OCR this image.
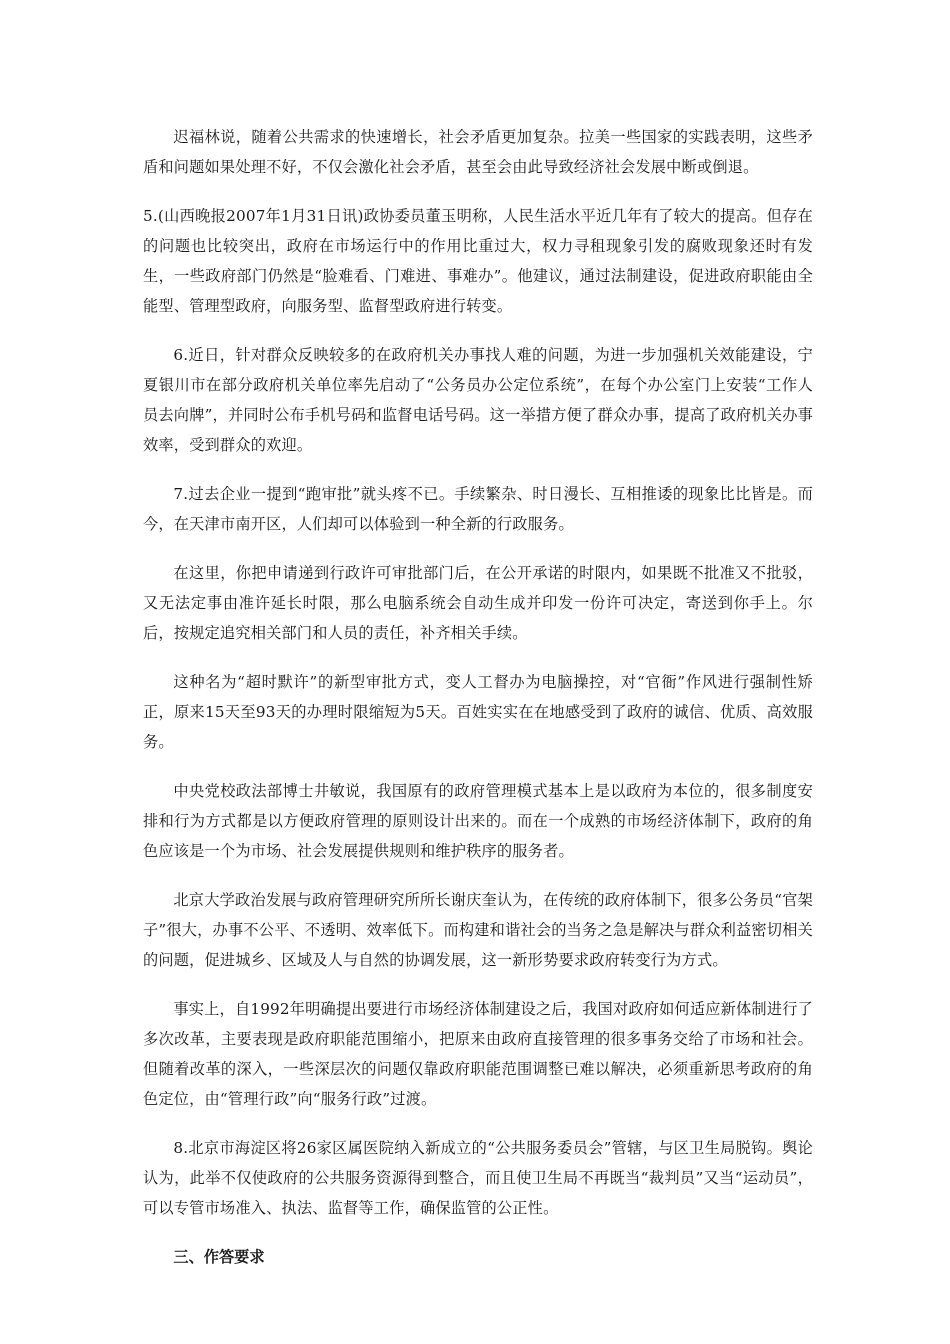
迟福林说，随着公共需求的快速增长，社会矛盾更加复杂。拉美一些国家的实践表明，这些矛盾和问题如果处理不好，不仅会激化社会矛盾，甚至会由此导致经济社会发展中断或倒退。

5.(山西晚报2007年1月31日讯)政协委员董玉明称，人民生活水平近几年有了较大的提高。但存在的问题也比较突出，政府在市场运行中的作用比重过大，权力寻租现象引发的腐败现象还时有发生，一些政府部门仍然是“脸难看、门难进、事难办”。他建议，通过法制建设，促进政府职能由全能型、管理型政府，向服务型、监督型政府进行转变。

6.近日，针对群众反映较多的在政府机关办事找人难的问题，为进一步加强机关效能建设，宁夏银川市在部分政府机关单位率先启动了“公务员办公定位系统”，在每个办公室门上安装“工作人员去向牌”，并同时公布手机号码和监督电话号码。这一举措方便了群众办事，提高了政府机关办事效率，受到群众的欢迎。

7.过去企业一提到“跑审批”就头疼不已。手续繁杂、时日漫长、互相推诿的现象比比皆是。而今，在天津市南开区，人们却可以体验到一种全新的行政服务。

在这里，你把申请递到行政许可审批部门后，在公开承诺的时限内，如果既不批准又不批驳，又无法定事由准许延长时限，那么电脑系统会自动生成并印发一份许可决定，寄送到你手上。尔后，按规定追究相关部门和人员的责任，补齐相关手续。

这种名为“超时默许”的新型审批方式，变人工督办为电脑操控，对“官衙”作风进行强制性矫正，原来15天至93天的办理时限缩短为5天。百姓实实在在地感受到了政府的诚信、优质、高效服务。

中央党校政法部博士井敏说，我国原有的政府管理模式基本上是以政府为本位的，很多制度安排和行为方式都是以方便政府管理的原则设计出来的。而在一个成熟的市场经济体制下，政府的角色应该是一个为市场、社会发展提供规则和维护秩序的服务者。

北京大学政治发展与政府管理研究所所长谢庆奎认为，在传统的政府体制下，很多公务员“官架子”很大，办事不公平、不透明、效率低下。而构建和谐社会的当务之急是解决与群众利益密切相关的问题，促进城乡、区域及人与自然的协调发展，这一新形势要求政府转变行为方式。

事实上，自1992年明确提出要进行市场经济体制建设之后，我国对政府如何适应新体制进行了多次改革，主要表现是政府职能范围缩小，把原来由政府直接管理的很多事务交给了市场和社会。但随着改革的深入，一些深层次的问题仅靠政府职能范围调整已难以解决，必须重新思考政府的角色定位，由“管理行政”向“服务行政”过渡。

8.北京市海淀区将26家区属医院纳入新成立的“公共服务委员会”管辖，与区卫生局脱钩。舆论认为，此举不仅使政府的公共服务资源得到整合，而且使卫生局不再既当“裁判员”又当“运动员”，可以专管市场准入、执法、监督等工作，确保监管的公正性。

三、作答要求
